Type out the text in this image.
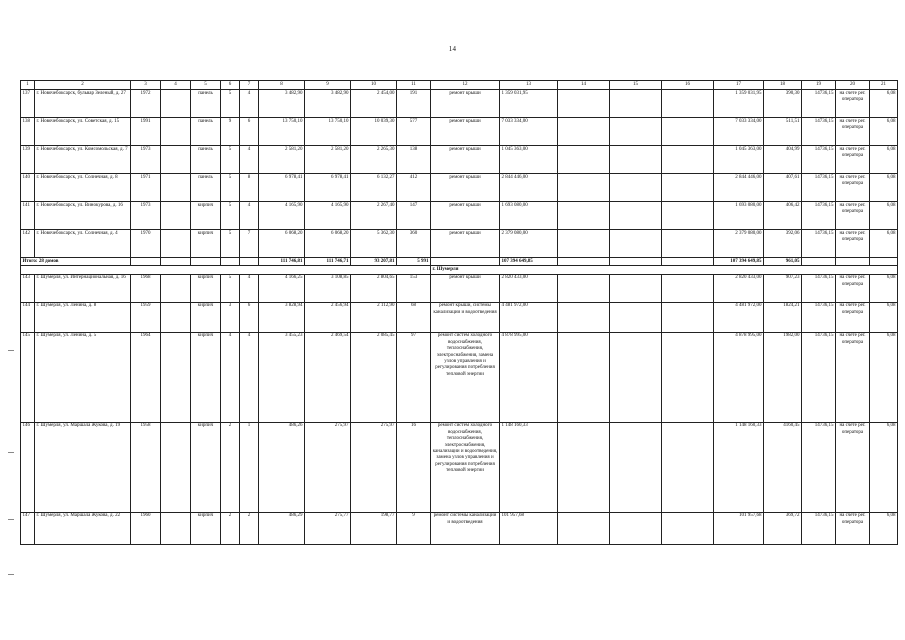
14
1	2	3	4	5	6	7	8	9	10	11	12	13	14	15	16	17	18	19	20	21
137	г. Новочебоксарск, бульвар Зеленый, д. 27	1972		панель	5	4	3 482,90	3 482,90	2 454,00	191	ремонт крыши	1 359 031,95				1 359 031,95	390,30	14736,15	на счете рег. оператора	6,08
138	г. Новочебоксарск, ул. Советская, д. 15	1991		панель	9	6	13 750,10	13 750,10	10 039,30	577	ремонт крыши	7 033 334,00				7 033 334,00	511,51	14736,15	на счете рег. оператора	6,08
139	г. Новочебоксарск, ул. Комсомольская, д. 7	1973		панель	5	4	2 581,20	2 581,20	2 265,30	138	ремонт крыши	1 045 363,00				1 045 363,00	404,99	14736,15	на счете рег. оператора	6,08
140	г. Новочебоксарск, ул. Солнечная, д. 8	1971		панель	5	8	6 978,41	6 978,41	6 132,27	412	ремонт крыши	2 844 446,00				2 844 446,00	407,61	14736,15	на счете рег. оператора	6,08
141	г. Новочебоксарск, ул. Винокурова, д. 16	1973		кирпич	5	4	4 165,90	4 165,90	2 267,40	147	ремонт крыши	1 693 080,00				1 693 080,00	406,42	14736,15	на счете рег. оператора	6,08
142	г. Новочебоксарск, ул. Солнечная, д. 4	1970		кирпич	5	7	6 068,20	6 068,20	5 362,30	360	ремонт крыши	2 379 080,00				2 379 080,00	392,06	14736,15	на счете рег. оператора	6,08
Итого: 28 домов							111 746,81	111 746,71	93 207,81	5 991		107 394 649,85				107 394 649,85	961,05			
											г. Шумерля									
143	г. Шумерля, ул. Интернациональная, д. 16	1968		кирпич	5	4	4 166,25	3 108,85	2 804,65	153	ремонт крыши	2 820 433,00				2 820 433,00	907,23	14736,15	на счете рег. оператора	6,08
144	г. Шумерля, ул. Ленина, д. 8	1959		кирпич	3	6	3 828,94	2 456,94	2 112,90	68	ремонт крыши, системы канализации и водоотведения	4 481 972,00				4 481 972,00	1824,21	14736,15	на счете рег. оператора	6,08
145	г. Шумерля, ул. Ленина, д. 5	1964		кирпич	4	4	3 455,23	2 469,54	2 085,45	97	ремонт систем холодного водоснабжения, теплоснабжения, электроснабжения, замена узлов управления и регулирования потребления тепловой энергии	4 878 995,00				4 878 995,00	1982,00	14736,15	на счете рег. оператора	6,08
146	г. Шумерля, ул. Маршала Жукова, д. 19	1958		кирпич	2	1	486,26	275,97	275,97	16	ремонт систем холодного водоснабжения, теплоснабжения, электроснабжения, канализации и водоотведения, замена узлов управления и регулирования потребления тепловой энергии	1 148 160,33				1 148 160,33	4160,45	14736,15	на счете рег. оператора	6,08
147	г. Шумерля, ул. Маршала Жукова, д. 22	1960		кирпич	2	2	486,29	275,77	198,77	9	ремонт системы канализации и водоотведения	101 957,68				101 957,68	369,72	14736,15	на счете рег. оператора	6,08
